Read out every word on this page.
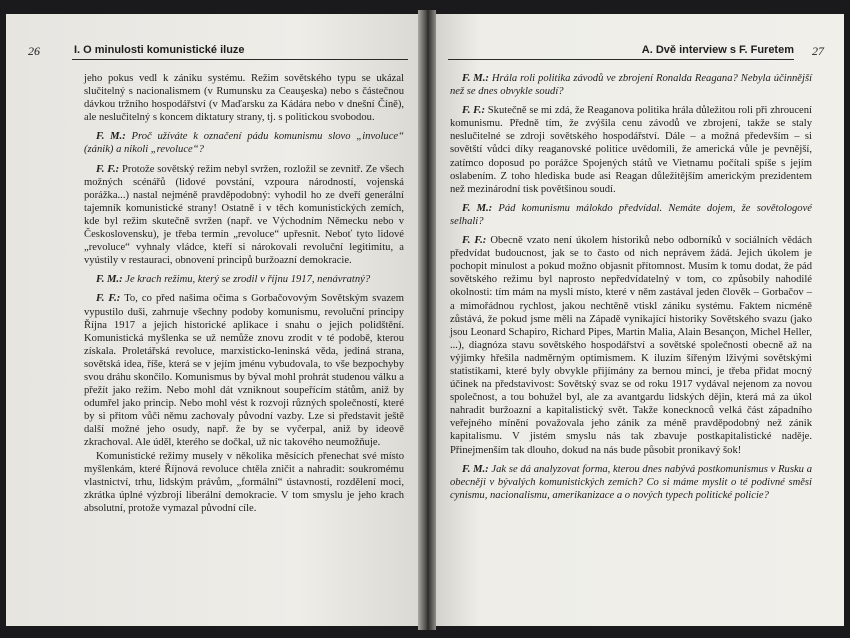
26	I. O minulosti komunistické iluze

jeho pokus vedl k zániku systému. Režim sovětského typu se ukázal slučitelný s nacionalismem (v Rumunsku za Ceauşeska) nebo s částečnou dávkou tržního hospodářství (v Maďarsku za Kádára nebo v dnešní Číně), ale neslučitelný s koncem diktatury strany, tj. s politickou svobodou.

F. M.: Proč užíváte k označení pádu komunismu slovo „involuce“ (zánik) a nikoli „revoluce“?

F. F.: Protože sovětský režim nebyl svržen, rozložil se zevnitř. Ze všech možných scénářů (lidové povstání, vzpoura národností, vojenská porážka...) nastal nejméně pravděpodobný: vyhodil ho ze dveří generální tajemník komunistické strany! Ostatně i v těch komunistických zemích, kde byl režim skutečně svržen (např. ve Východním Německu nebo v Československu), je třeba termín „revoluce“ upřesnit. Neboť tyto lidové „revoluce“ vyhnaly vládce, kteří si nárokovali revoluční legitimitu, a vyústily v restauraci, obnovení principů buržoazní demokracie.

F. M.: Je krach režimu, který se zrodil v říjnu 1917, nenávratný?

F. F.: To, co před našima očima s Gorbačovovým Sovětským svazem vypustilo duši, zahrnuje všechny podoby komunismu, revoluční principy Října 1917 a jejich historické aplikace i snahu o jejich polidštění. Komunistická myšlenka se už nemůže znovu zrodit v té podobě, kterou získala. Proletářská revoluce, marxisticko-leninská věda, jediná strana, sovětská idea, říše, která se v jejím jménu vybudovala, to vše bezpochyby svou dráhu skončilo. Komunismus by býval mohl prohrát studenou válku a přežít jako režim. Nebo mohl dát vzniknout soupeřícím státům, aniž by odumřel jako princip. Nebo mohl vést k rozvoji různých společností, které by si přitom vůči němu zachovaly původní vazby. Lze si představit ještě další možné jeho osudy, např. že by se vyčerpal, aniž by ideově zkrachoval. Ale úděl, kterého se dočkal, už nic takového neumožňuje.

Komunistické režimy musely v několika měsících přenechat své místo myšlenkám, které Říjnová revoluce chtěla zničit a nahradit: soukromému vlastnictví, trhu, lidským právům, „formální“ ústavnosti, rozdělení moci, zkrátka úplné výzbroji liberální demokracie. V tom smyslu je jeho krach absolutní, protože vymazal původní cíle.

A. Dvě interview s F. Furetem 27

F. M.: Hrála roli politika závodů ve zbrojení Ronalda Reagana? Nebyla účinnější než se dnes obvykle soudí?

F. F.: Skutečně se mi zdá, že Reaganova politika hrála důležitou roli při zhroucení komunismu. Předně tím, že zvýšila cenu závodů ve zbrojení, takže se staly neslučitelné se zdroji sovětského hospodářství. Dále – a možná především – si sovětští vůdci díky reaganovské politice uvědomili, že americká vůle je pevnější, zatímco doposud po porážce Spojených států ve Vietnamu počítali spíše s jejím oslabením. Z toho hlediska bude asi Reagan důležitějším americkým prezidentem než mezinárodní tisk povětšinou soudí.

F. M.: Pád komunismu málokdo předvídal. Nemáte dojem, že sovětologové selhali?

F. F.: Obecně vzato není úkolem historiků nebo odborníků v sociálních vědách předvídat budoucnost, jak se to často od nich neprávem žádá. Jejich úkolem je pochopit minulost a pokud možno objasnit přítomnost. Musím k tomu dodat, že pád sovětského režimu byl naprosto nepředvídatelný v tom, co způsobily nahodilé okolnosti: tím mám na mysli místo, které v něm zastával jeden člověk – Gorbačov – a mimořádnou rychlost, jakou nechtěně vtiskl zániku systému. Faktem nicméně zůstává, že pokud jsme měli na Západě vynikající historiky Sovětského svazu (jako jsou Leonard Schapiro, Richard Pipes, Martin Malia, Alain Besançon, Michel Heller, ...), diagnóza stavu sovětského hospodářství a sovětské společnosti obecně až na výjimky hřešila nadměrným optimismem. K iluzím šířeným lživými sovětskými statistikami, které byly obvykle přijímány za bernou minci, je třeba přidat mocný účinek na představivost: Sovětský svaz se od roku 1917 vydával nejenom za novou společnost, a tou bohužel byl, ale za avantgardu lidských dějin, která má za úkol nahradit buržoazní a kapitalistický svět. Takže konecknoců velká část západního veřejného mínění považovala jeho zánik za méně pravděpodobný než zánik kapitalismu. V jistém smyslu nás tak zbavuje postkapitalistické naděje. Přinejmenším tak dlouho, dokud na nás bude působit pronikavý šok!

F. M.: Jak se dá analyzovat forma, kterou dnes nabývá postkomunismus v Rusku a obecněji v bývalých komunistických zemích? Co si máme myslit o té podivné směsi cynismu, nacionalismu, amerikanizace a o nových typech politické policie?
